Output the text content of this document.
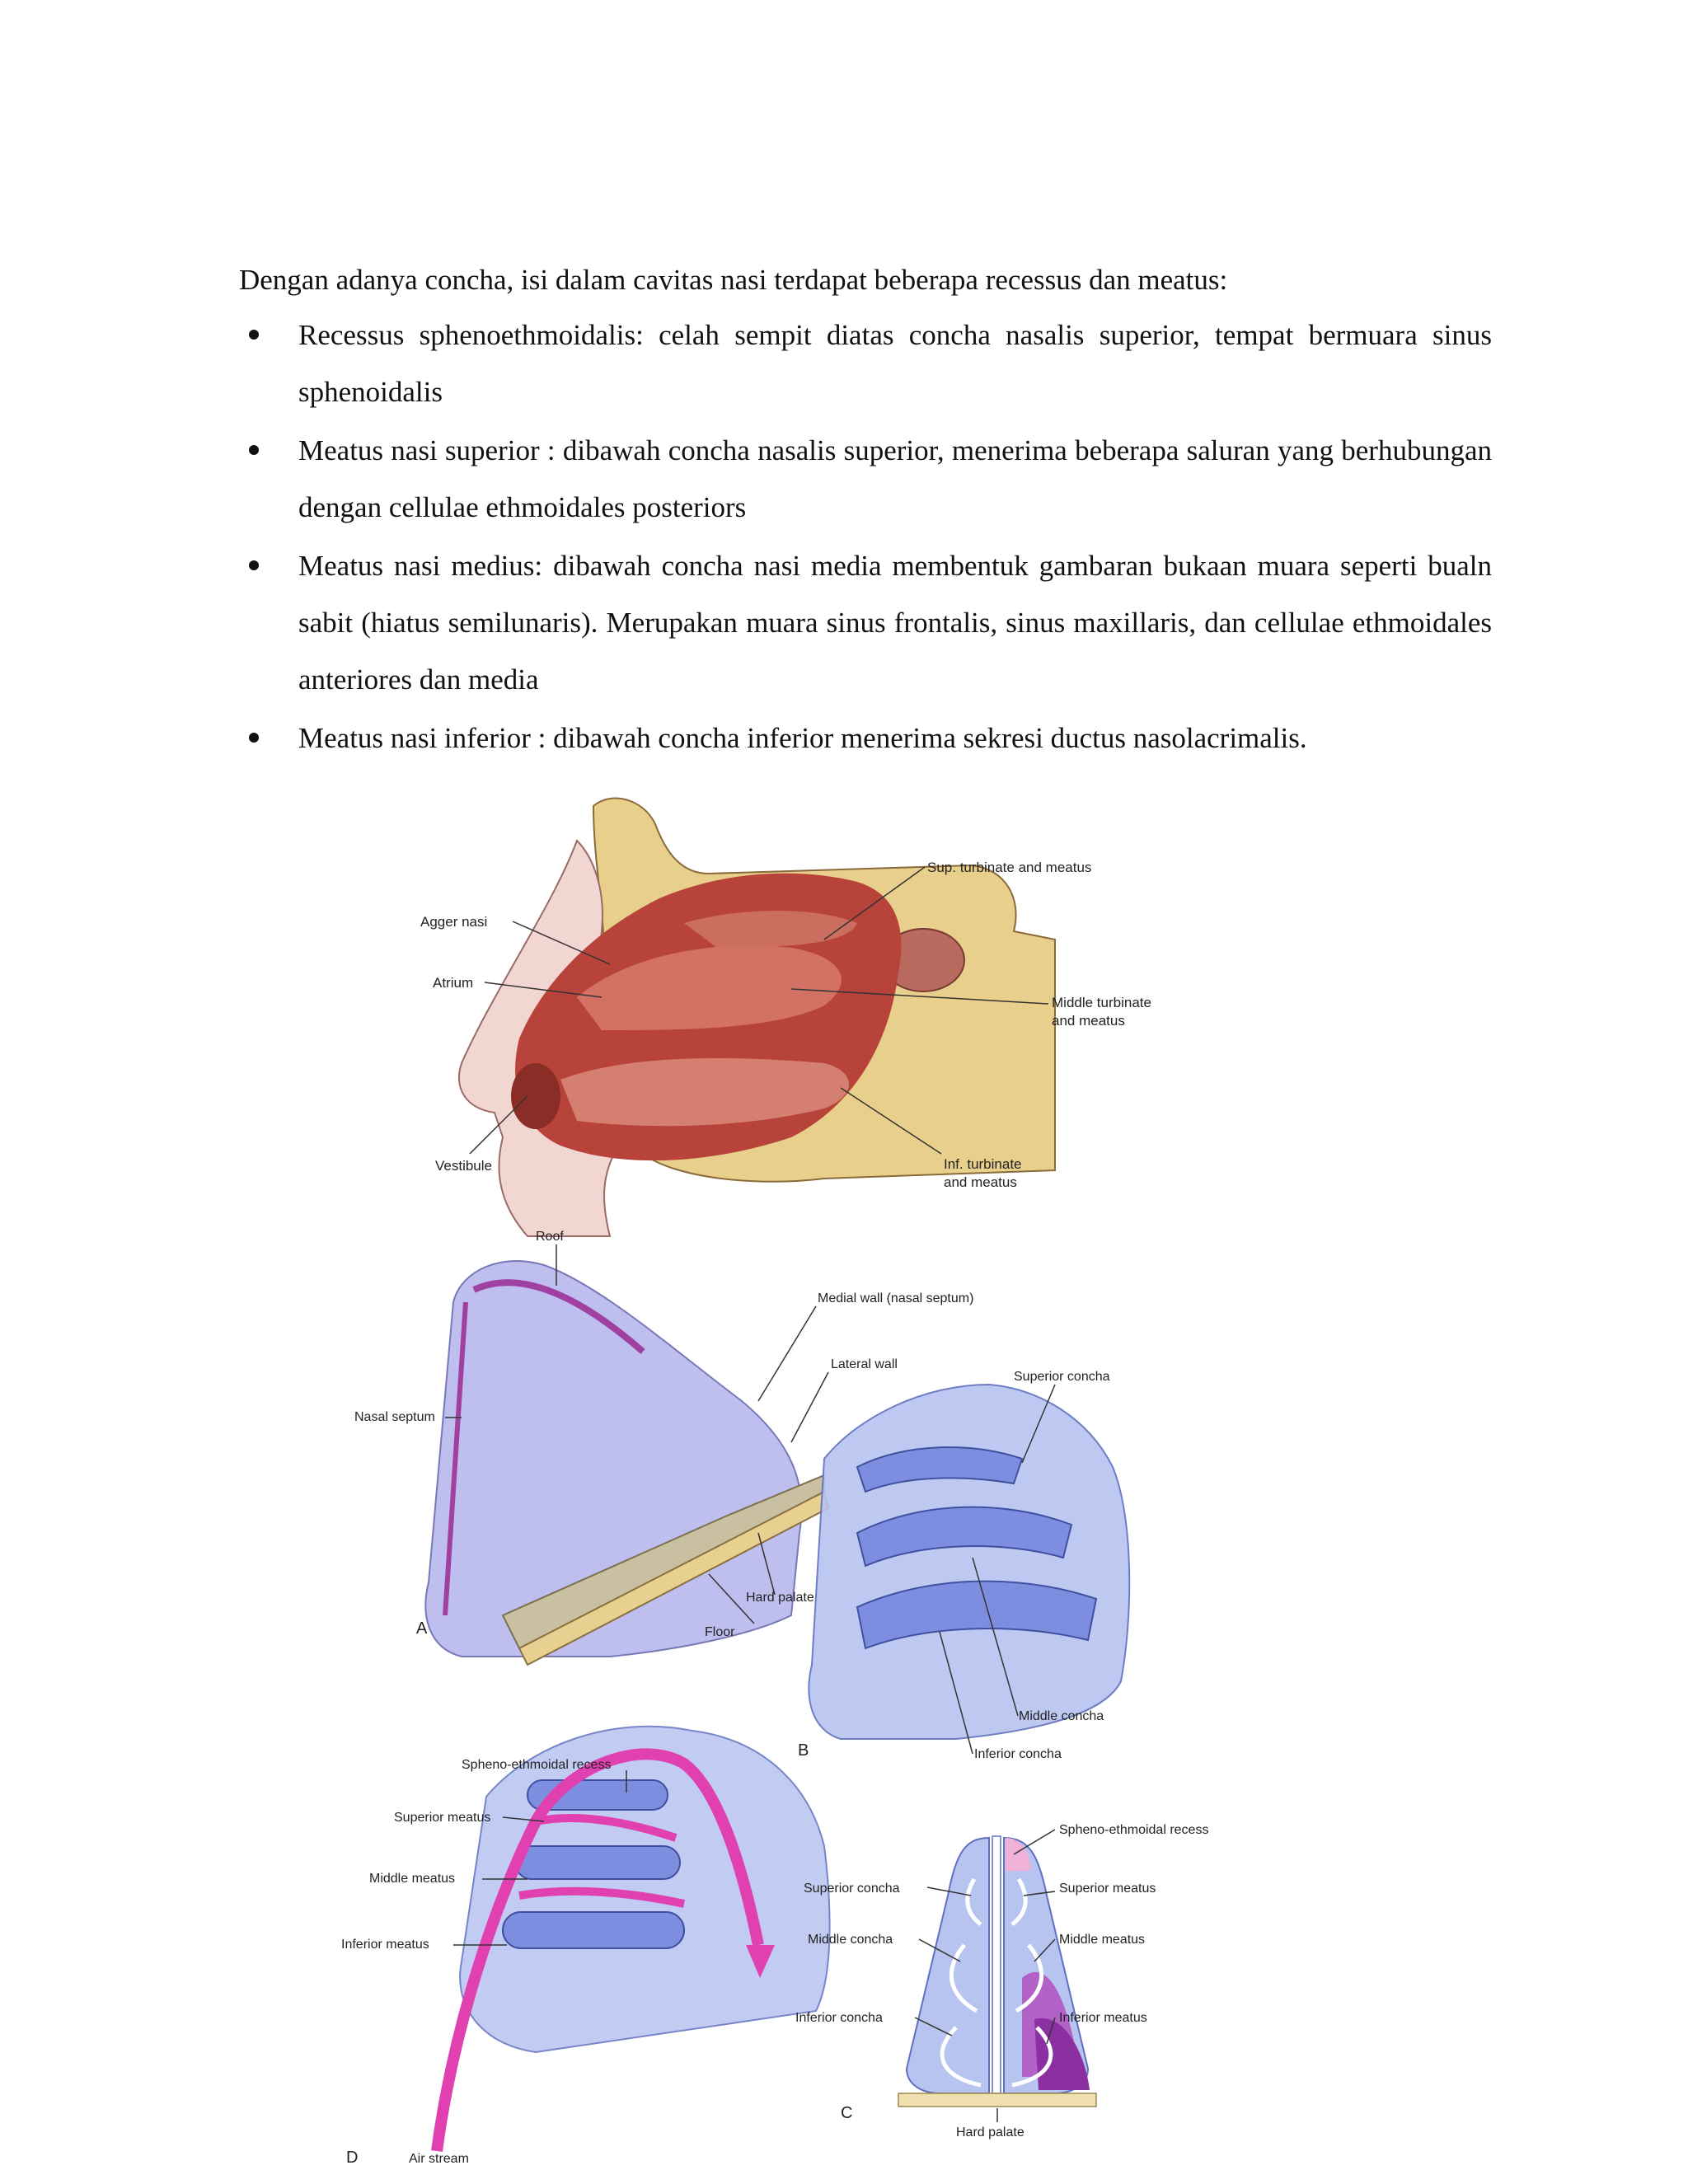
Dengan adanya concha, isi dalam cavitas nasi terdapat beberapa recessus dan meatus:

Recessus sphenoethmoidalis: celah sempit diatas concha nasalis superior, tempat bermuara sinus sphenoidalis
Meatus nasi superior : dibawah concha nasalis superior, menerima beberapa saluran yang berhubungan dengan cellulae ethmoidales posteriors
Meatus nasi medius: dibawah concha nasi media membentuk gambaran bukaan muara seperti bualn sabit (hiatus semilunaris). Merupakan muara sinus frontalis, sinus maxillaris, dan cellulae ethmoidales anteriores dan media
Meatus nasi inferior : dibawah concha inferior menerima sekresi ductus nasolacrimalis.
Sup. turbinate and meatus
Agger nasi
Atrium
Middle turbinate
and meatus
Vestibule	Inf. turbinate
and meatus
Roof
Medial wall (nasal septum)
Lateral wall
Nasal septum
Hard palate
Floor
A
Superior concha
Middle concha
B	Inferior concha
Spheno-ethmoidal recess
Superior meatus
Middle meatus
Inferior meatus
D	Air stream
Spheno-ethmoidal recess
Superior concha	Superior meatus
Middle concha	Middle meatus
Inferior concha	Inferior meatus
C
Hard palate
